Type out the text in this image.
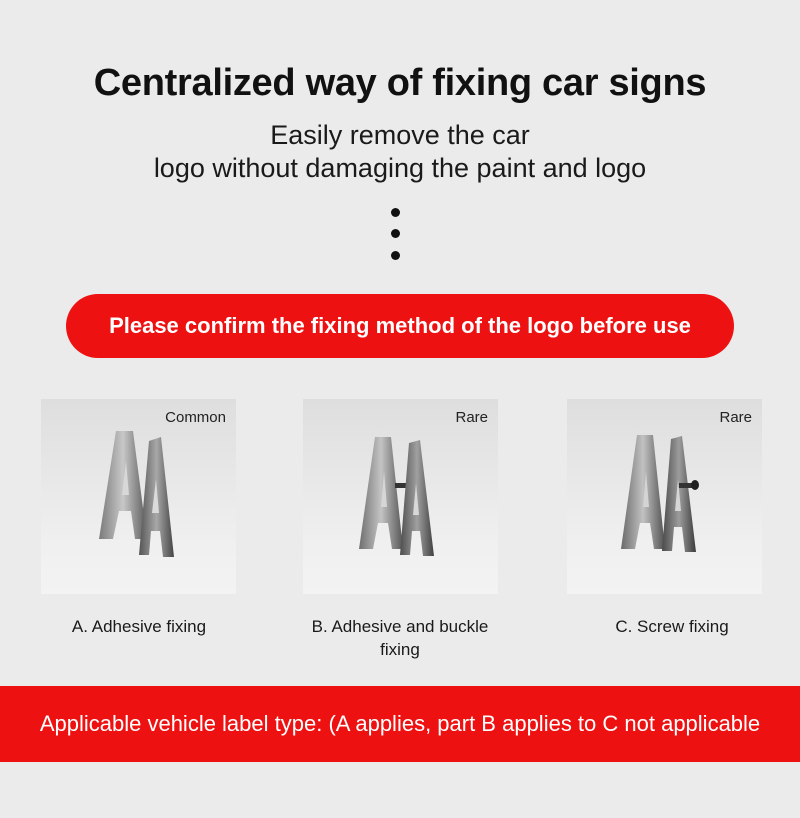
Centralized way of fixing car signs
Easily remove the car
logo without damaging the paint and logo
Please confirm the fixing method of the logo before use
Common	Rare	Rare
A. Adhesive fixing	B. Adhesive and buckle fixing
C. Screw fixing
Applicable vehicle label type: (A applies, part B applies to C not applicable
